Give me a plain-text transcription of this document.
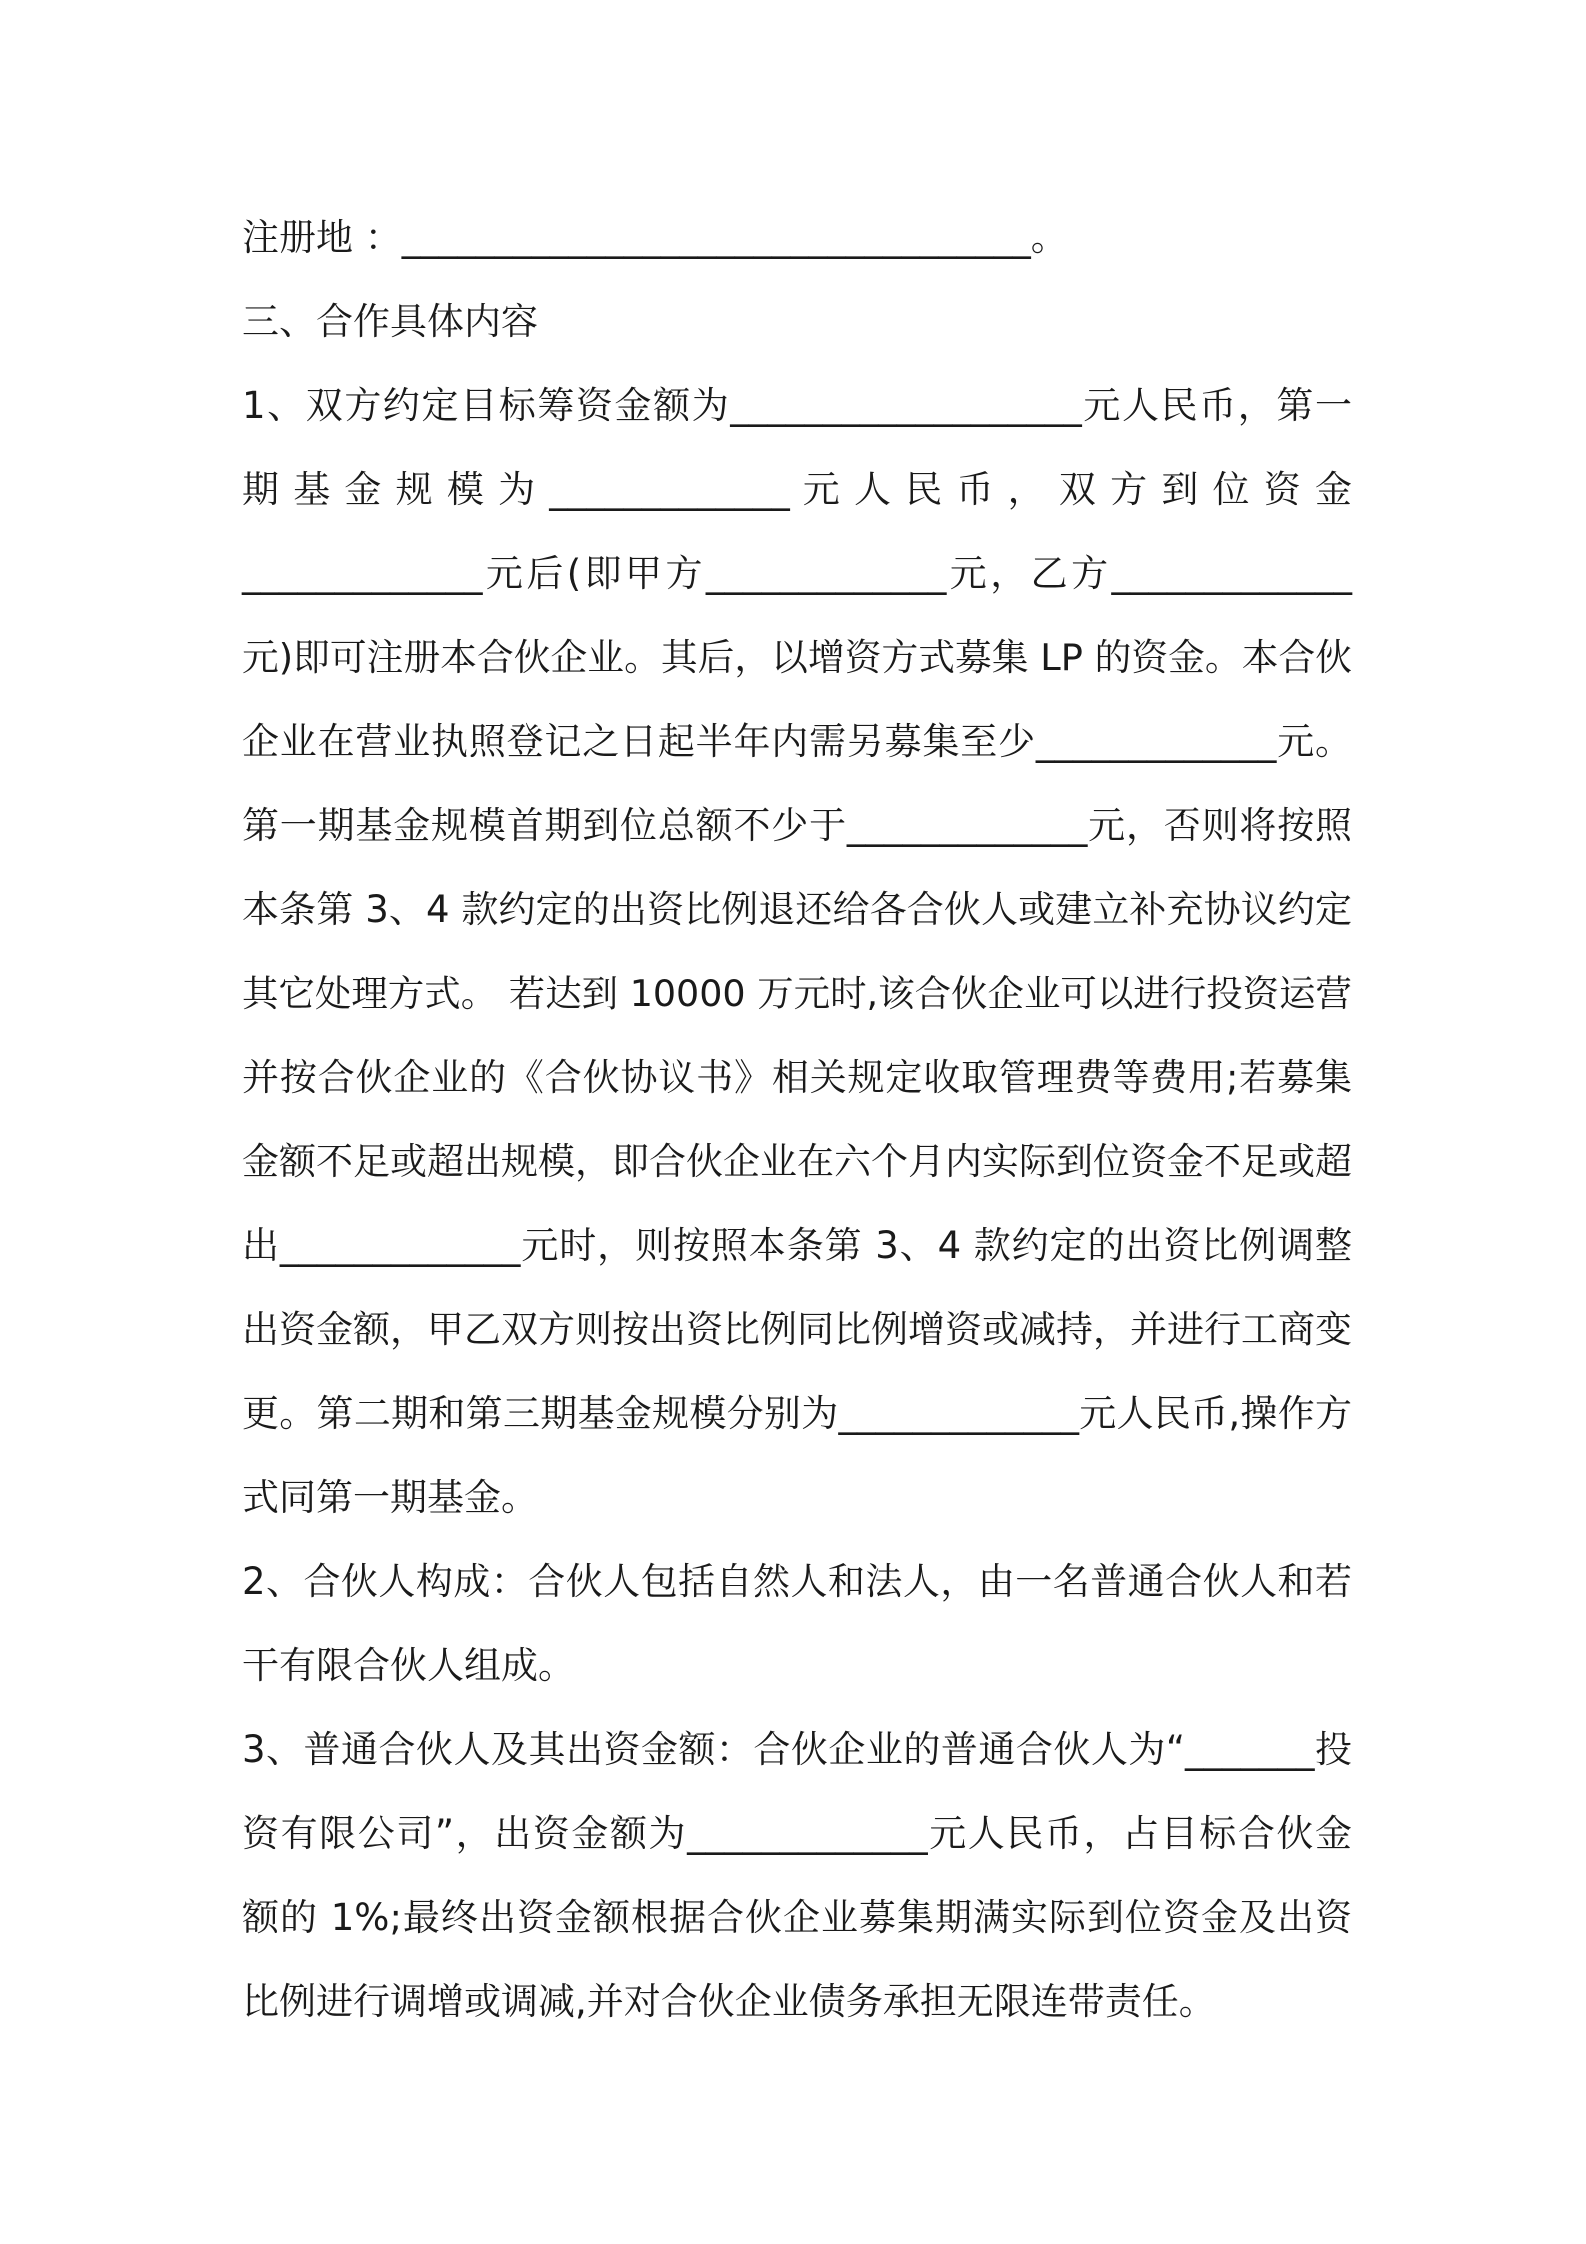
注册地 ：__________________________________。
三、合作具体内容
1、双方约定目标筹资金额为___________________元人民币，第一
期 基 金 规 模 为 _____________ 元 人 民 币 ， 双 方 到 位 资 金
_____________元后(即甲方_____________元，乙方_____________
元)即可注册本合伙企业。其后，以增资方式募集 LP 的资金。本合伙
企业在营业执照登记之日起半年内需另募集至少_____________元。
第一期基金规模首期到位总额不少于_____________元，否则将按照
本条第 3、4 款约定的出资比例退还给各合伙人或建立补充协议约定
其它处理方式。 若达到 10000 万元时,该合伙企业可以进行投资运营
并按合伙企业的《合伙协议书》相关规定收取管理费等费用;若募集
金额不足或超出规模，即合伙企业在六个月内实际到位资金不足或超
出_____________元时，则按照本条第 3、4 款约定的出资比例调整
出资金额，甲乙双方则按出资比例同比例增资或减持，并进行工商变
更。第二期和第三期基金规模分别为_____________元人民币,操作方
式同第一期基金。
2、合伙人构成：合伙人包括自然人和法人，由一名普通合伙人和若
干有限合伙人组成。
3、普通合伙人及其出资金额：合伙企业的普通合伙人为“_______投
资有限公司”，出资金额为_____________元人民币，占目标合伙金
额的 1%;最终出资金额根据合伙企业募集期满实际到位资金及出资
比例进行调增或调减,并对合伙企业债务承担无限连带责任。
